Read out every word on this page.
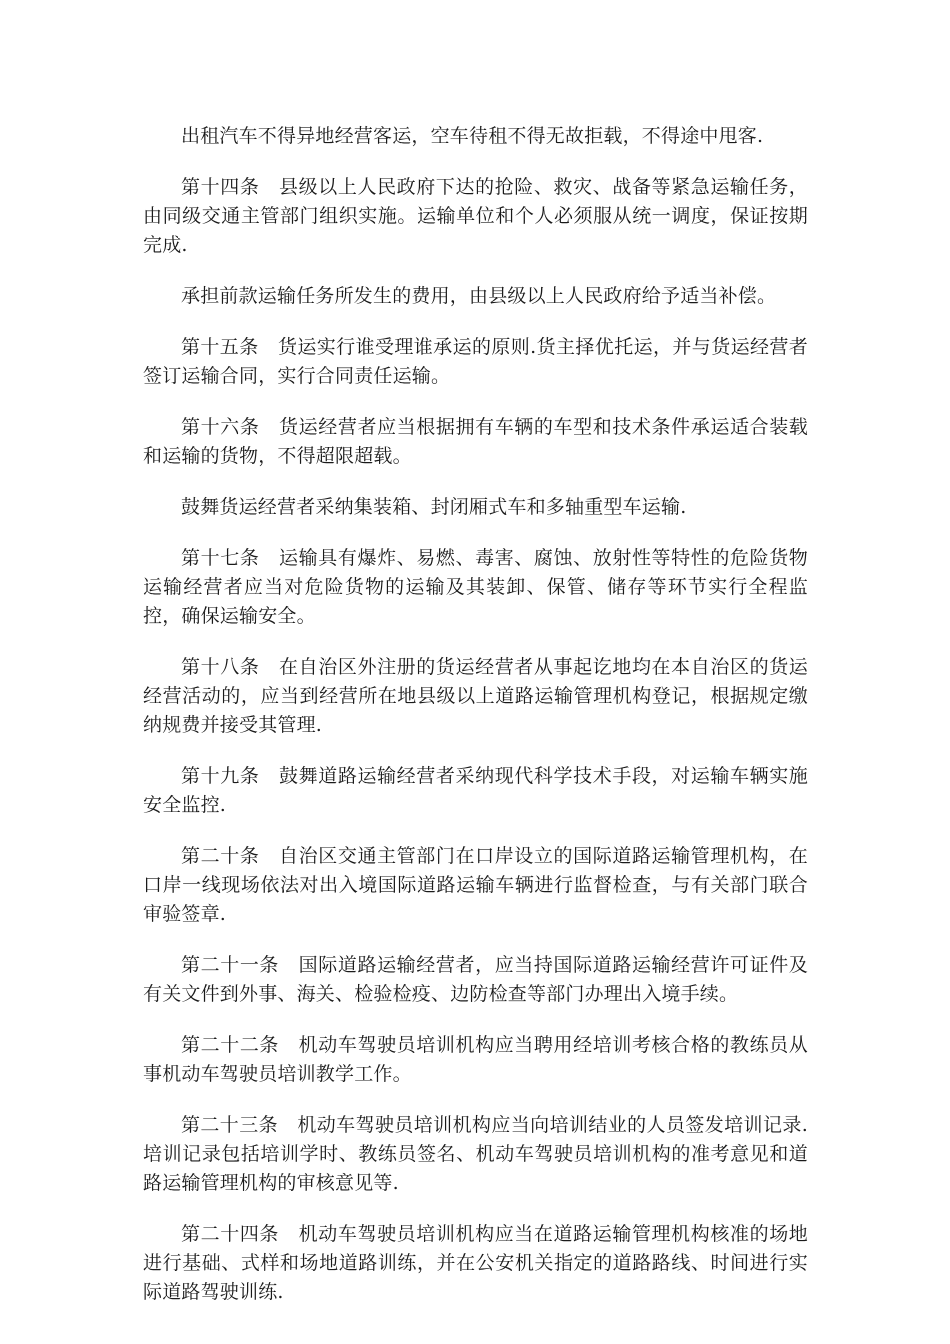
出租汽车不得异地经营客运，空车待租不得无故拒载，不得途中甩客.

第十四条　县级以上人民政府下达的抢险、救灾、战备等紧急运输任务，由同级交通主管部门组织实施。运输单位和个人必须服从统一调度，保证按期完成.

承担前款运输任务所发生的费用，由县级以上人民政府给予适当补偿。

第十五条　货运实行谁受理谁承运的原则.货主择优托运，并与货运经营者签订运输合同，实行合同责任运输。

第十六条　货运经营者应当根据拥有车辆的车型和技术条件承运适合装载和运输的货物，不得超限超载。

鼓舞货运经营者采纳集装箱、封闭厢式车和多轴重型车运输.

第十七条　运输具有爆炸、易燃、毒害、腐蚀、放射性等特性的危险货物运输经营者应当对危险货物的运输及其装卸、保管、储存等环节实行全程监控，确保运输安全。

第十八条　在自治区外注册的货运经营者从事起讫地均在本自治区的货运经营活动的，应当到经营所在地县级以上道路运输管理机构登记，根据规定缴纳规费并接受其管理.

第十九条　鼓舞道路运输经营者采纳现代科学技术手段，对运输车辆实施安全监控.

第二十条　自治区交通主管部门在口岸设立的国际道路运输管理机构，在口岸一线现场依法对出入境国际道路运输车辆进行监督检查，与有关部门联合审验签章.

第二十一条　国际道路运输经营者，应当持国际道路运输经营许可证件及有关文件到外事、海关、检验检疫、边防检查等部门办理出入境手续。

第二十二条　机动车驾驶员培训机构应当聘用经培训考核合格的教练员从事机动车驾驶员培训教学工作。

第二十三条　机动车驾驶员培训机构应当向培训结业的人员签发培训记录.培训记录包括培训学时、教练员签名、机动车驾驶员培训机构的准考意见和道路运输管理机构的审核意见等.

第二十四条　机动车驾驶员培训机构应当在道路运输管理机构核准的场地进行基础、式样和场地道路训练，并在公安机关指定的道路路线、时间进行实际道路驾驶训练.
